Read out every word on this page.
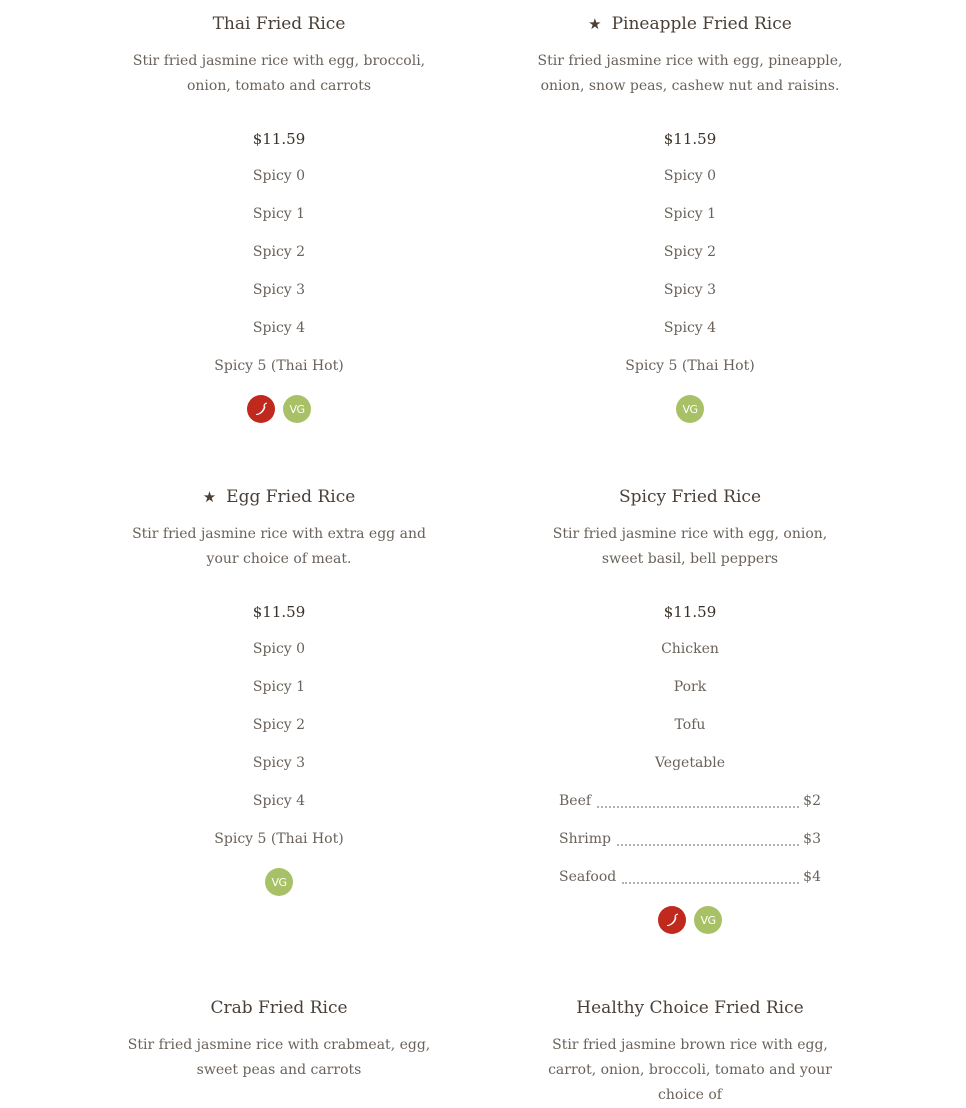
Thai Fried Rice
Stir fried jasmine rice with egg, broccoli, onion, tomato and carrots
$11.59
Spicy 0
Spicy 1
Spicy 2
Spicy 3
Spicy 4
Spicy 5 (Thai Hot)
VG
★ Pineapple Fried Rice
Stir fried jasmine rice with egg, pineapple, onion, snow peas, cashew nut and raisins.
$11.59
Spicy 0
Spicy 1
Spicy 2
Spicy 3
Spicy 4
Spicy 5 (Thai Hot)
VG
★ Egg Fried Rice
Stir fried jasmine rice with extra egg and your choice of meat.
$11.59
Spicy 0
Spicy 1
Spicy 2
Spicy 3
Spicy 4
Spicy 5 (Thai Hot)
VG
Spicy Fried Rice
Stir fried jasmine rice with egg, onion, sweet basil, bell peppers
$11.59
Chicken
Pork
Tofu
Vegetable
Beef	$2
Shrimp	$3
Seafood	$4
VG
Crab Fried Rice
Stir fried jasmine rice with crabmeat, egg, sweet peas and carrots
Healthy Choice Fried Rice
Stir fried jasmine brown rice with egg, carrot, onion, broccoli, tomato and your choice of
